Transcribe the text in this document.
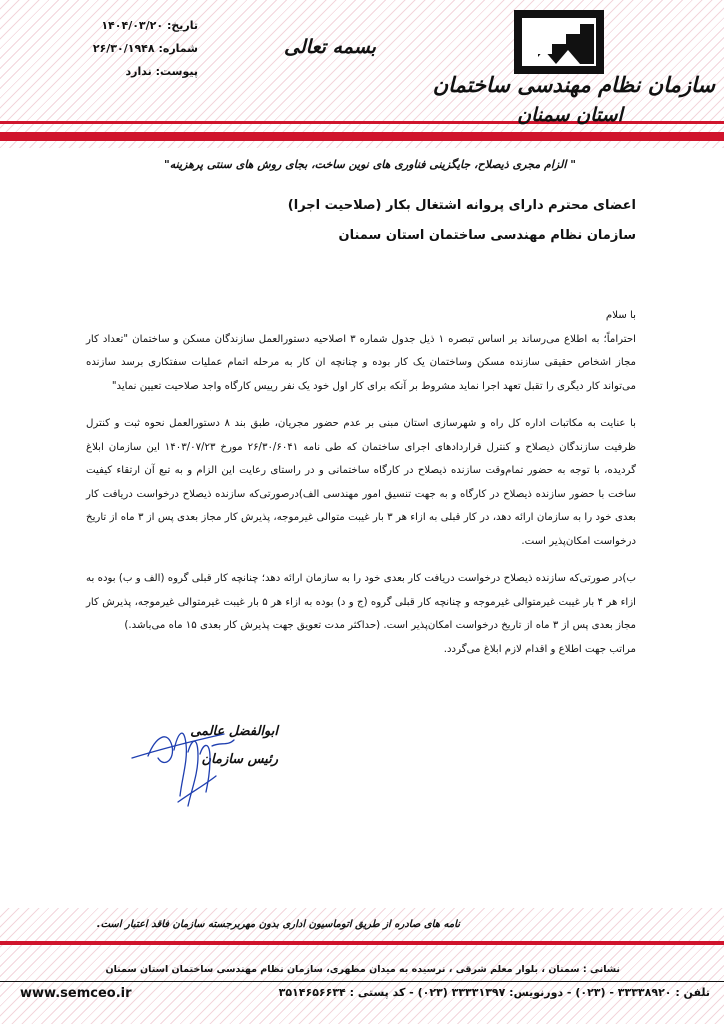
تاریخ: ۱۴۰۴/۰۳/۲۰
شماره: ۲۶/۳۰/۱۹۴۸
پیوست: ندارد
بسمه تعالی
سازمان نظام مهندسی ساختمان
استان سمنان
" الزام مجری ذیصلاح، جایگزینی فناوری های نوین ساخت، بجای روش های سنتی پرهزینه"
اعضای محترم دارای پروانه اشتغال بکار (صلاحیت اجرا)
سازمان نظام مهندسی ساختمان استان سمنان

با سلام

احتراماً؛ به اطلاع می‌رساند بر اساس تبصره ۱ ذیل جدول شماره ۳ اصلاحیه دستورالعمل سازندگان مسکن و ساختمان "تعداد کار مجاز اشخاص حقیقی سازنده مسکن وساختمان یک کار بوده و چنانچه ان کار به مرحله اتمام عملیات سفتکاری برسد سازنده می‌تواند کار دیگری را تقبل تعهد اجرا نماید مشروط بر آنکه برای کار اول خود یک نفر رییس کارگاه واجد صلاحیت تعیین نماید"

با عنایت به مکاتبات اداره کل راه و شهرسازی استان مبنی بر عدم حضور مجریان، طبق بند ۸ دستورالعمل نحوه ثبت و کنترل ظرفیت سازندگان ذیصلاح و کنترل قراردادهای اجرای ساختمان که طی نامه ۲۶/۳۰/۶۰۴۱ مورخ ۱۴۰۳/۰۷/۲۳ این سازمان ابلاغ گردیده، با توجه به حضور تمام‌وقت سازنده ذیصلاح در کارگاه ساختمانی و در راستای رعایت این الزام و به تبع آن ارتقاء کیفیت ساخت با حضور سازنده ذیصلاح در کارگاه و به جهت تنسیق امور مهندسی الف)درصورتی‌که سازنده ذیصلاح درخواست دریافت کار بعدی خود را به سازمان ارائه دهد، در کار قبلی به ازاء هر ۳ بار غیبت متوالی غیرموجه، پذیرش کار مجاز بعدی پس از ۳ ماه از تاریخ درخواست امکان‌پذیر است.

ب)در صورتی‌که سازنده ذیصلاح درخواست دریافت کار بعدی خود را به سازمان ارائه دهد؛ چنانچه کار قبلی گروه (الف و ب) بوده به ازاء هر ۴ بار غیبت غیرمتوالی غیرموجه و چنانچه کار قبلی گروه (ج و د) بوده به ازاء هر ۵ بار غیبت غیرمتوالی غیرموجه، پذیرش کار مجاز بعدی پس از ۳ ماه از تاریخ درخواست امکان‌پذیر است. (حداکثر مدت تعویق جهت پذیرش کار بعدی ۱۵ ماه می‌باشد.)

مراتب جهت اطلاع و اقدام لازم ابلاغ می‌گردد.

ابوالفضل عالمی
رئیس سازمان
نامه های صادره از طریق اتوماسیون اداری بدون مهربرجسته سازمان فاقد اعتبار است.
نشانی : سمنان ، بلوار معلم شرقی ، نرسیده به میدان مطهری، سازمان نظام مهندسی ساختمان استان سمنان
تلفن : ۳۳۳۳۸۹۲۰ - (۰۲۳) - دورنویس: ۳۳۳۳۱۳۹۷ (۰۲۳) - کد پستی : ۳۵۱۴۶۵۶۶۳۴
www.semceo.ir
